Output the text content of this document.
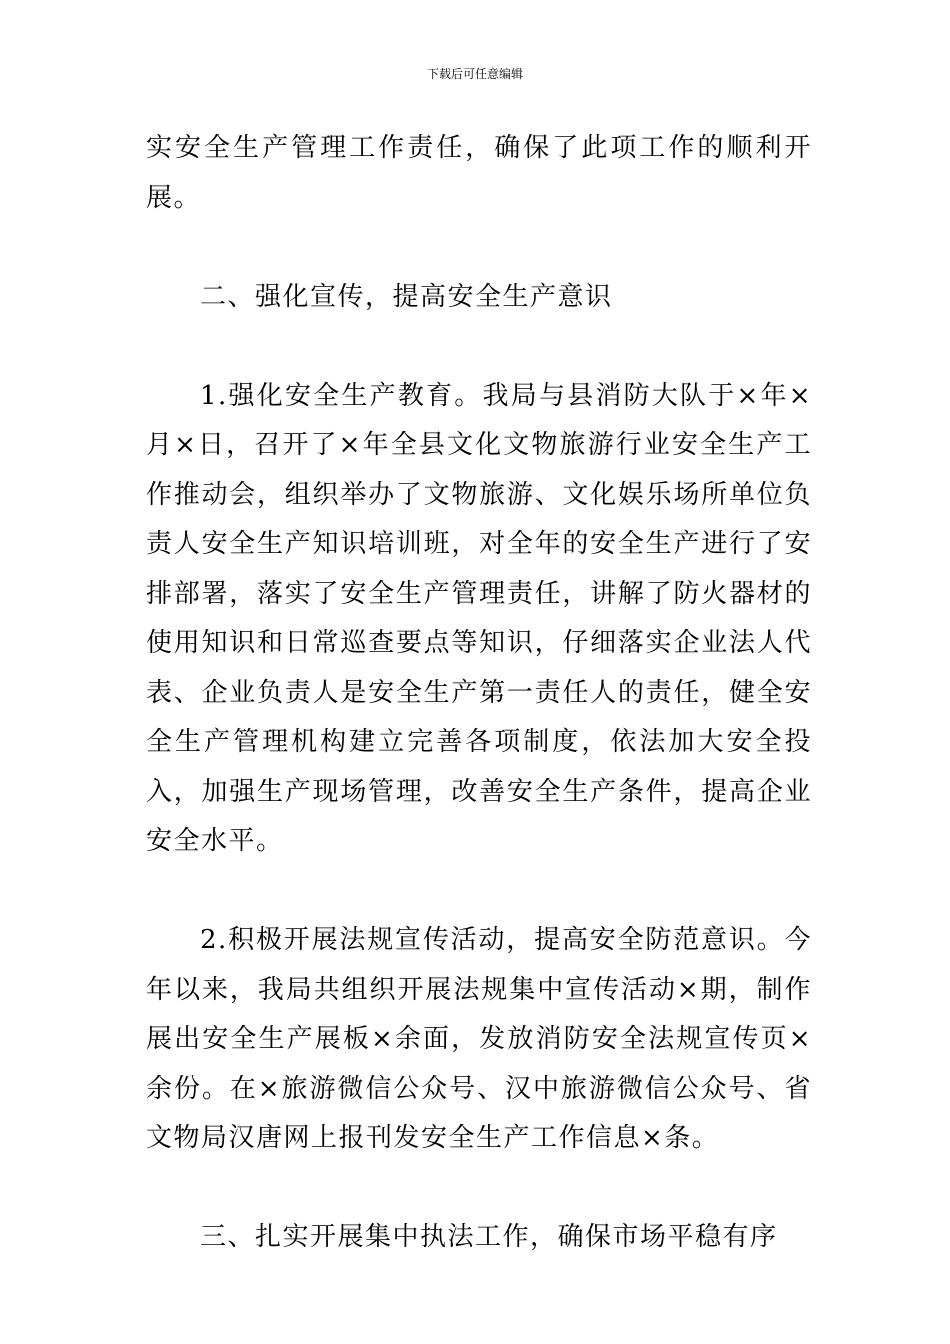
下载后可任意编辑

实安全生产管理工作责任，确保了此项工作的顺利开展。

二、强化宣传，提高安全生产意识

1.强化安全生产教育。我局与县消防大队于×年×月×日，召开了×年全县文化文物旅游行业安全生产工作推动会，组织举办了文物旅游、文化娱乐场所单位负责人安全生产知识培训班，对全年的安全生产进行了安排部署，落实了安全生产管理责任，讲解了防火器材的使用知识和日常巡查要点等知识，仔细落实企业法人代表、企业负责人是安全生产第一责任人的责任，健全安全生产管理机构建立完善各项制度，依法加大安全投入，加强生产现场管理，改善安全生产条件，提高企业安全水平。

2.积极开展法规宣传活动，提高安全防范意识。今年以来，我局共组织开展法规集中宣传活动×期，制作展出安全生产展板×余面，发放消防安全法规宣传页×余份。在×旅游微信公众号、汉中旅游微信公众号、省文物局汉唐网上报刊发安全生产工作信息×条。

三、扎实开展集中执法工作，确保市场平稳有序
